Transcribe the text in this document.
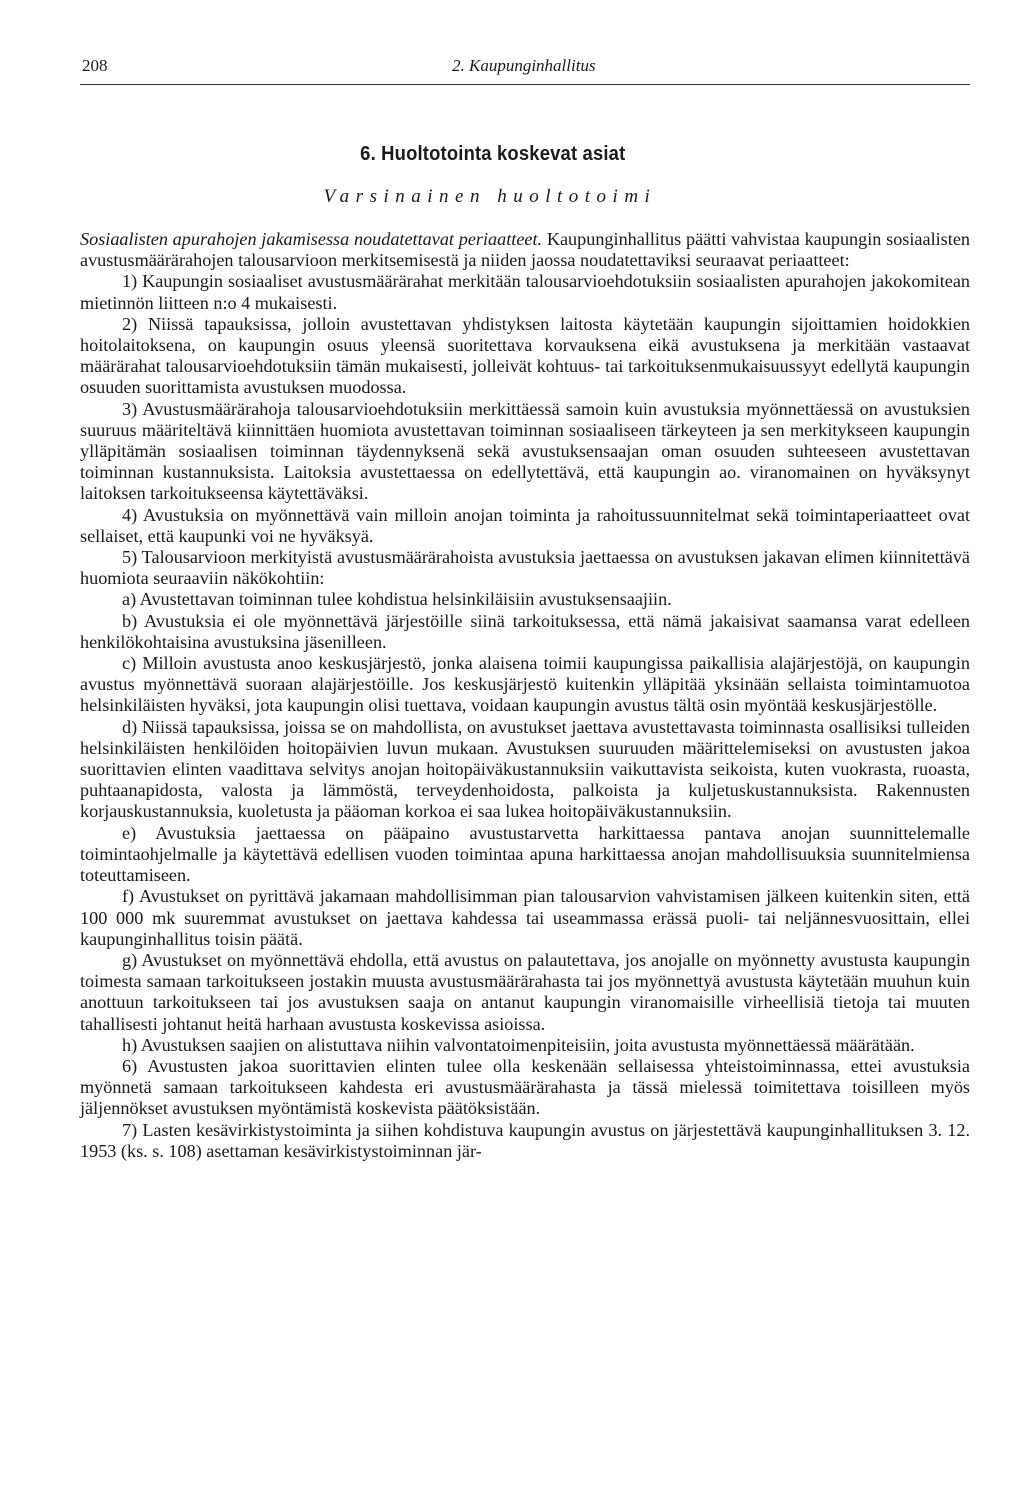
208	2. Kaupunginhallitus
6. Huoltotointa koskevat asiat
Varsinainen huoltotoimi

Sosiaalisten apurahojen jakamisessa noudatettavat periaatteet. Kaupunginhallitus päätti vahvistaa kaupungin sosiaalisten avustusmäärärahojen talousarvioon merkitsemisestä ja niiden jaossa noudatettaviksi seuraavat periaatteet:

1) Kaupungin sosiaaliset avustusmäärärahat merkitään talousarvioehdotuksiin sosiaalisten apurahojen jakokomitean mietinnön liitteen n:o 4 mukaisesti.

2) Niissä tapauksissa, jolloin avustettavan yhdistyksen laitosta käytetään kaupungin sijoittamien hoidokkien hoitolaitoksena, on kaupungin osuus yleensä suoritettava korvauksena eikä avustuksena ja merkitään vastaavat määrärahat talousarvioehdotuksiin tämän mukaisesti, jolleivät kohtuus- tai tarkoituksenmukaisuussyyt edellytä kaupungin osuuden suorittamista avustuksen muodossa.

3) Avustusmäärärahoja talousarvioehdotuksiin merkittäessä samoin kuin avustuksia myönnettäessä on avustuksien suuruus määriteltävä kiinnittäen huomiota avustettavan toiminnan sosiaaliseen tärkeyteen ja sen merkitykseen kaupungin ylläpitämän sosiaalisen toiminnan täydennyksenä sekä avustuksensaajan oman osuuden suhteeseen avustettavan toiminnan kustannuksista. Laitoksia avustettaessa on edellytettävä, että kaupungin ao. viranomainen on hyväksynyt laitoksen tarkoitukseensa käytettäväksi.

4) Avustuksia on myönnettävä vain milloin anojan toiminta ja rahoitussuunnitelmat sekä toimintaperiaatteet ovat sellaiset, että kaupunki voi ne hyväksyä.

5) Talousarvioon merkityistä avustusmäärärahoista avustuksia jaettaessa on avustuksen jakavan elimen kiinnitettävä huomiota seuraaviin näkökohtiin:

a) Avustettavan toiminnan tulee kohdistua helsinkiläisiin avustuksensaajiin.

b) Avustuksia ei ole myönnettävä järjestöille siinä tarkoituksessa, että nämä jakaisivat saamansa varat edelleen henkilökohtaisina avustuksina jäsenilleen.

c) Milloin avustusta anoo keskusjärjestö, jonka alaisena toimii kaupungissa paikallisia alajärjestöjä, on kaupungin avustus myönnettävä suoraan alajärjestöille. Jos keskusjärjestö kuitenkin ylläpitää yksinään sellaista toimintamuotoa helsinkiläisten hyväksi, jota kaupungin olisi tuettava, voidaan kaupungin avustus tältä osin myöntää keskusjärjestölle.

d) Niissä tapauksissa, joissa se on mahdollista, on avustukset jaettava avustettavasta toiminnasta osallisiksi tulleiden helsinkiläisten henkilöiden hoitopäivien luvun mukaan. Avustuksen suuruuden määrittelemiseksi on avustusten jakoa suorittavien elinten vaadittava selvitys anojan hoitopäiväkustannuksiin vaikuttavista seikoista, kuten vuokrasta, ruoasta, puhtaanapidosta, valosta ja lämmöstä, terveydenhoidosta, palkoista ja kuljetuskustannuksista. Rakennusten korjauskustannuksia, kuoletusta ja pääoman korkoa ei saa lukea hoitopäiväkustannuksiin.

e) Avustuksia jaettaessa on pääpaino avustustarvetta harkittaessa pantava anojan suunnittelemalle toimintaohjelmalle ja käytettävä edellisen vuoden toimintaa apuna harkittaessa anojan mahdollisuuksia suunnitelmiensa toteuttamiseen.

f) Avustukset on pyrittävä jakamaan mahdollisimman pian talousarvion vahvistamisen jälkeen kuitenkin siten, että 100 000 mk suuremmat avustukset on jaettava kahdessa tai useammassa erässä puoli- tai neljännesvuosittain, ellei kaupunginhallitus toisin päätä.

g) Avustukset on myönnettävä ehdolla, että avustus on palautettava, jos anojalle on myönnetty avustusta kaupungin toimesta samaan tarkoitukseen jostakin muusta avustusmäärärahasta tai jos myönnettyä avustusta käytetään muuhun kuin anottuun tarkoitukseen tai jos avustuksen saaja on antanut kaupungin viranomaisille virheellisiä tietoja tai muuten tahallisesti johtanut heitä harhaan avustusta koskevissa asioissa.

h) Avustuksen saajien on alistuttava niihin valvontatoimenpiteisiin, joita avustusta myönnettäessä määrätään.

6) Avustusten jakoa suorittavien elinten tulee olla keskenään sellaisessa yhteistoiminnassa, ettei avustuksia myönnetä samaan tarkoitukseen kahdesta eri avustusmäärärahasta ja tässä mielessä toimitettava toisilleen myös jäljennökset avustuksen myöntämistä koskevista päätöksistään.

7) Lasten kesävirkistystoiminta ja siihen kohdistuva kaupungin avustus on järjestettävä kaupunginhallituksen 3. 12. 1953 (ks. s. 108) asettaman kesävirkistystoiminnan jär-
